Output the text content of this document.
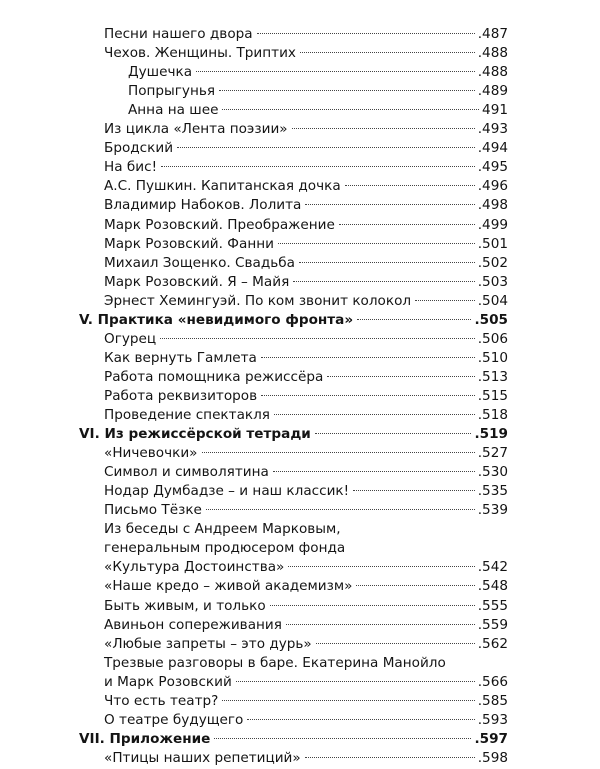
Песни нашего двора	.487
Чехов. Женщины. Триптих	.488
Душечка	.488
Попрыгунья	.489
Анна на шее	491
Из цикла «Лента поэзии»	.493
Бродский	.494
На бис!	.495
А.С. Пушкин. Капитанская дочка	.496
Владимир Набоков. Лолита	.498
Марк Розовский. Преображение	.499
Марк Розовский. Фанни	.501
Михаил Зощенко. Свадьба	.502
Марк Розовский. Я – Майя	.503
Эрнест Хемингуэй. По ком звонит колокол	.504
V. Практика «невидимого фронта»	.505
Огурец	.506
Как вернуть Гамлета	.510
Работа помощника режиссёра	.513
Работа реквизиторов	.515
Проведение спектакля	.518
VI. Из режиссёрской тетради	.519
«Ничевочки»	.527
Символ и символятина	.530
Нодар Думбадзе – и наш классик!	.535
Письмо Тёзке	.539
Из беседы с Андреем Марковым,
генеральным продюсером фонда
«Культура Достоинства»	.542
«Наше кредо – живой академизм»	.548
Быть живым, и только	.555
Авиньон сопереживания	.559
«Любые запреты – это дурь»	.562
Трезвые разговоры в баре. Екатерина Манойло
и Марк Розовский	.566
Что есть театр?	.585
О театре будущего	.593
VII. Приложение	.597
«Птицы наших репетиций»	.598
